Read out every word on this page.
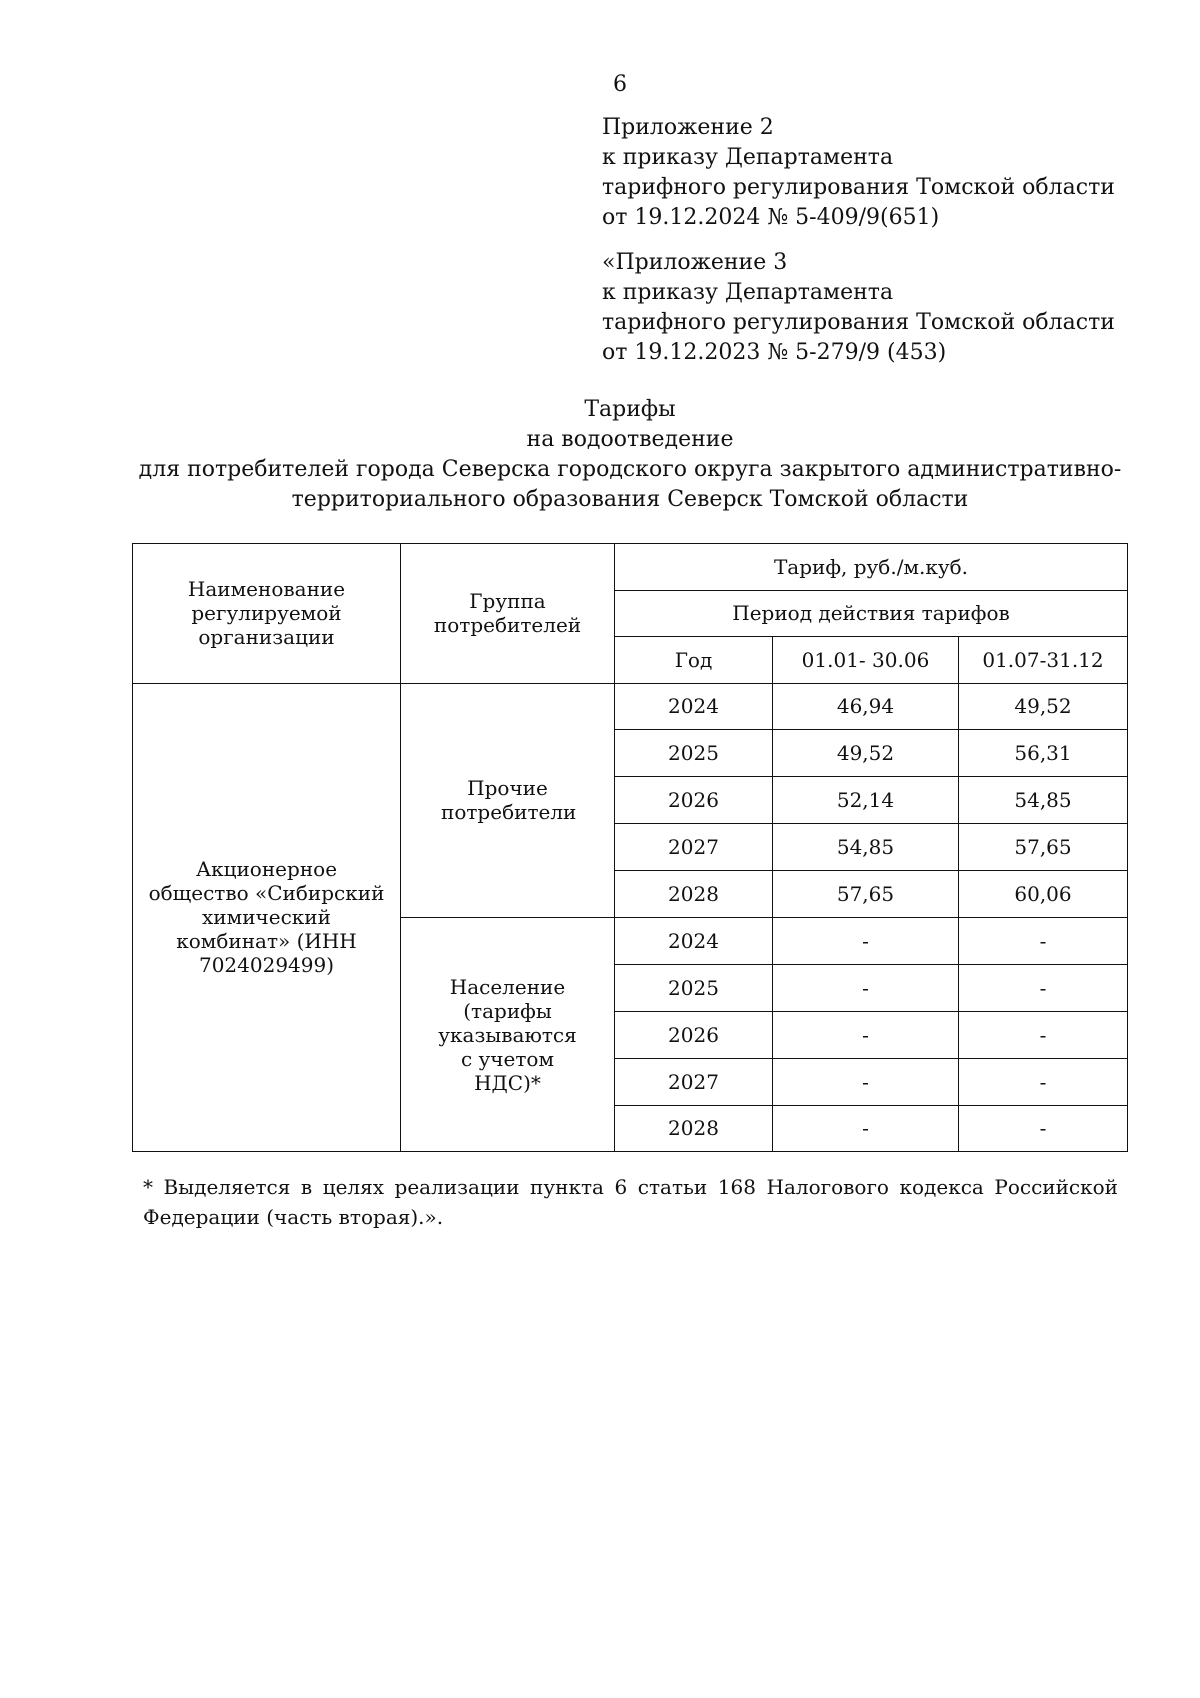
6
Приложение 2
к приказу Департамента
тарифного регулирования Томской области
от 19.12.2024 № 5-409/9(651)
«Приложение 3
к приказу Департамента
тарифного регулирования Томской области
от 19.12.2023 № 5-279/9 (453)
Тарифы
на водоотведение
для потребителей города Северска городского округа закрытого административно-
территориального образования Северск Томской области
Наименование регулируемой организации	Группа потребителей	Тариф, руб./м.куб.		
		Период действия тарифов		
		Год	01.01- 30.06	01.07-31.12
Акционерное общество «Сибирский химический комбинат» (ИНН 7024029499)	Прочие потребители	2024	46,94	49,52
		2025	49,52	56,31
		2026	52,14	54,85
		2027	54,85	57,65
		2028	57,65	60,06
	Население (тарифы указываются с учетом НДС)*	2024	-	-
		2025	-	-
		2026	-	-
		2027	-	-
		2028	-	-
* Выделяется в целях реализации пункта 6 статьи 168 Налогового кодекса Российской Федерации (часть вторая).».
